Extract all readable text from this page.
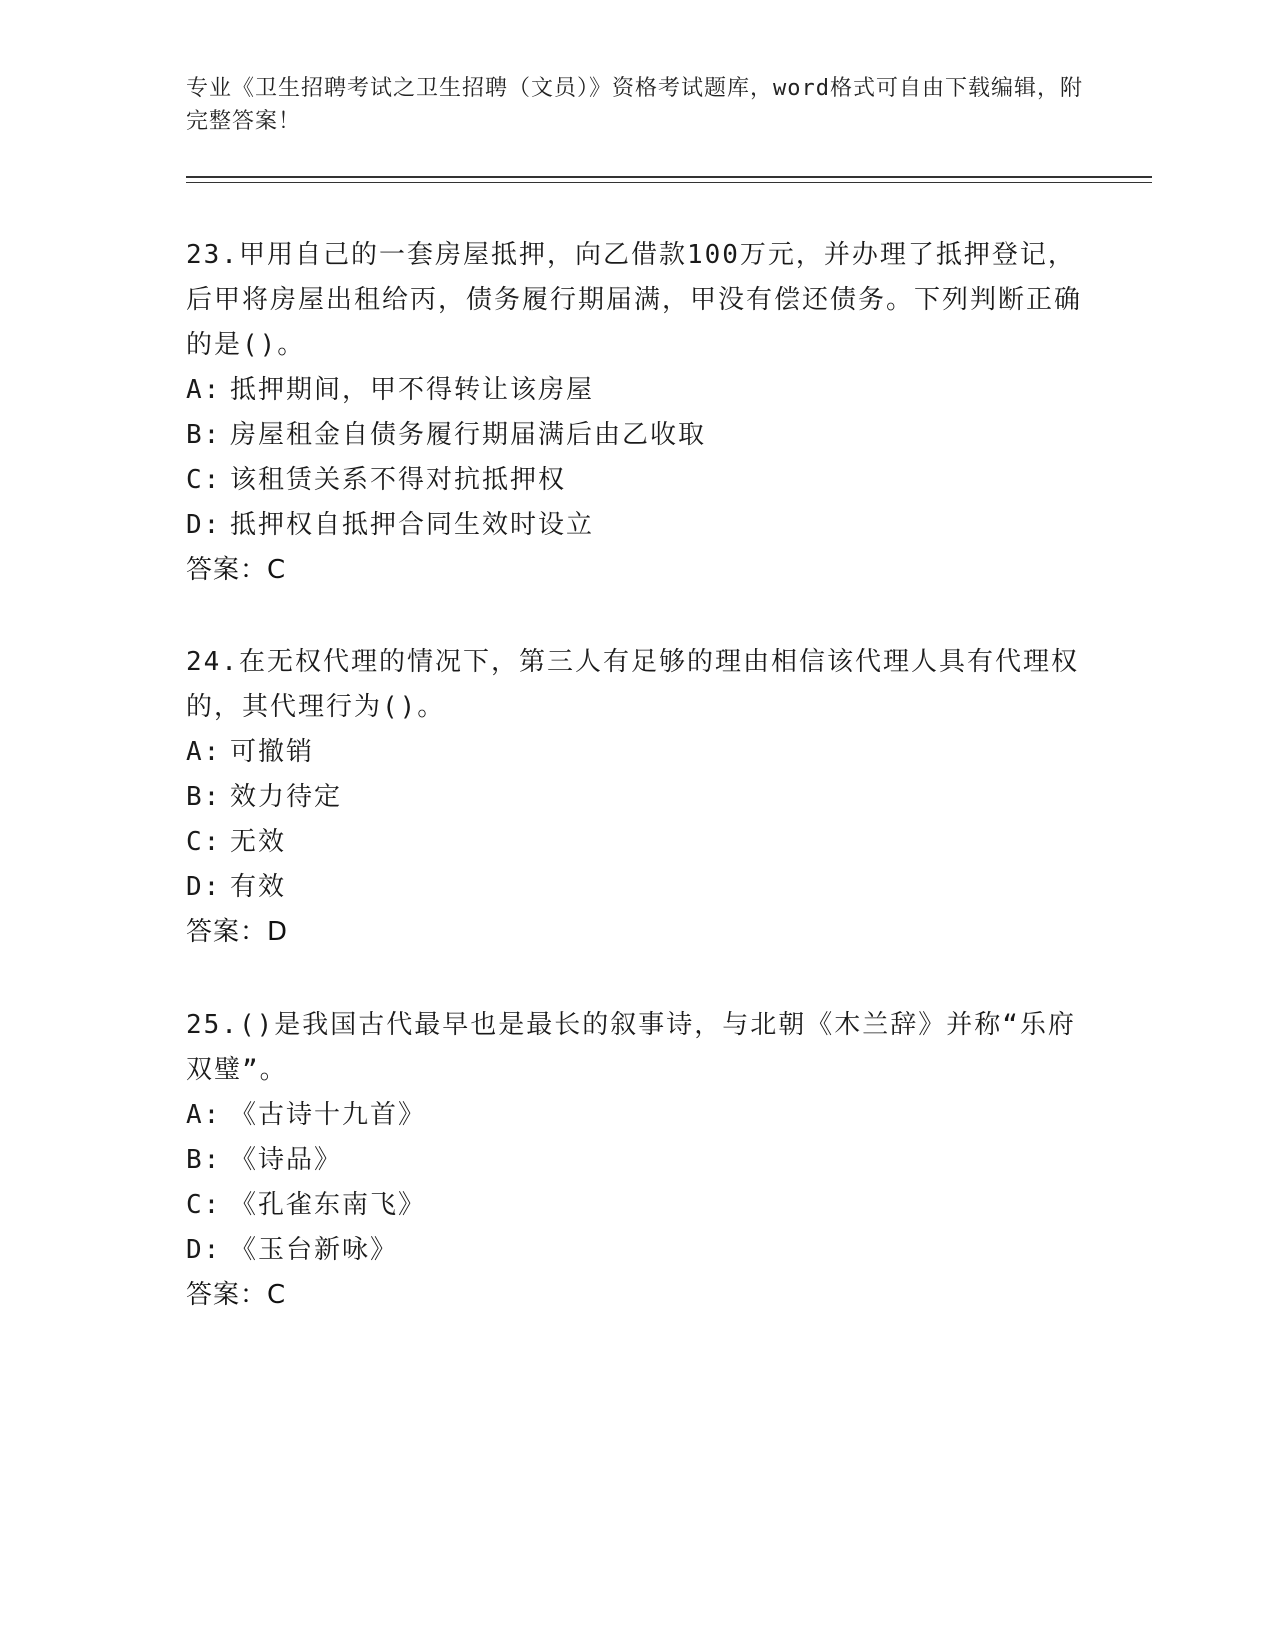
专业《卫生招聘考试之卫生招聘（文员）》资格考试题库，word格式可自由下载编辑，附完整答案！

23.甲用自己的一套房屋抵押，向乙借款100万元，并办理了抵押登记，后甲将房屋出租给丙，债务履行期届满，甲没有偿还债务。下列判断正确的是()。

A: 抵押期间，甲不得转让该房屋
B: 房屋租金自债务履行期届满后由乙收取
C: 该租赁关系不得对抗抵押权
D: 抵押权自抵押合同生效时设立
答案：C

24.在无权代理的情况下，第三人有足够的理由相信该代理人具有代理权的，其代理行为()。

A: 可撤销
B: 效力待定
C: 无效
D: 有效
答案：D

25.()是我国古代最早也是最长的叙事诗，与北朝《木兰辞》并称“乐府双璧”。

A: 《古诗十九首》
B: 《诗品》
C: 《孔雀东南飞》
D: 《玉台新咏》
答案：C
